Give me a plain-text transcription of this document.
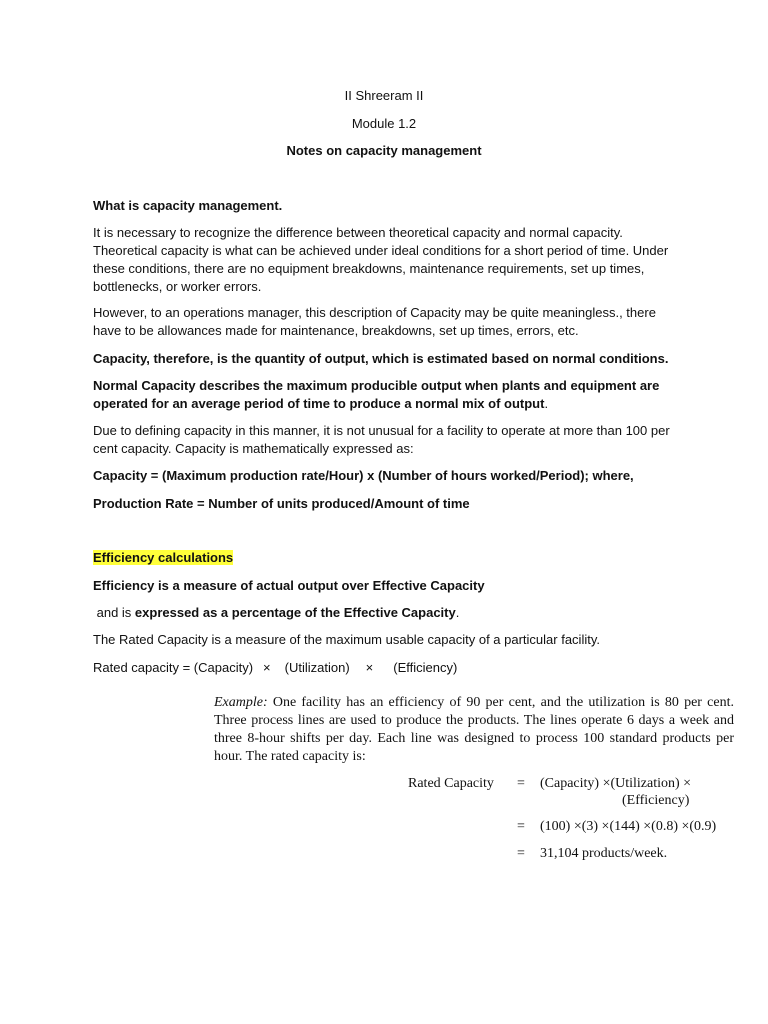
II Shreeram II
Module 1.2
Notes on capacity management
What is capacity management.
It is necessary to recognize the difference between theoretical capacity and normal capacity. Theoretical capacity is what can be achieved under ideal conditions for a short period of time. Under these conditions, there are no equipment breakdowns, maintenance requirements, set up times, bottlenecks, or worker errors.
However, to an operations manager, this description of Capacity may be quite meaningless., there have to be allowances made for maintenance, breakdowns, set up times, errors, etc.
Capacity, therefore, is the quantity of output, which is estimated based on normal conditions.
Normal Capacity describes the maximum producible output when plants and equipment are operated for an average period of time to produce a normal mix of output.
Due to defining capacity in this manner, it is not unusual for a facility to operate at more than 100 per cent capacity. Capacity is mathematically expressed as:
Capacity = (Maximum production rate/Hour) x (Number of hours worked/Period); where,
Production Rate = Number of units produced/Amount of time
Efficiency calculations
Efficiency is a measure of actual output over Effective Capacity
and is expressed as a percentage of the Effective Capacity.
The Rated Capacity is a measure of the maximum usable capacity of a particular facility.
Rated capacity = (Capacity) × (Utilization) × (Efficiency)
Example: One facility has an efficiency of 90 per cent, and the utilization is 80 per cent. Three process lines are used to produce the products. The lines operate 6 days a week and three 8-hour shifts per day. Each line was designed to process 100 standard products per hour. The rated capacity is:
Rated Capacity = (Capacity) ×(Utilization) ×
(Efficiency)
= (100) ×(3) ×(144) ×(0.8) ×(0.9)
= 31,104 products/week.
